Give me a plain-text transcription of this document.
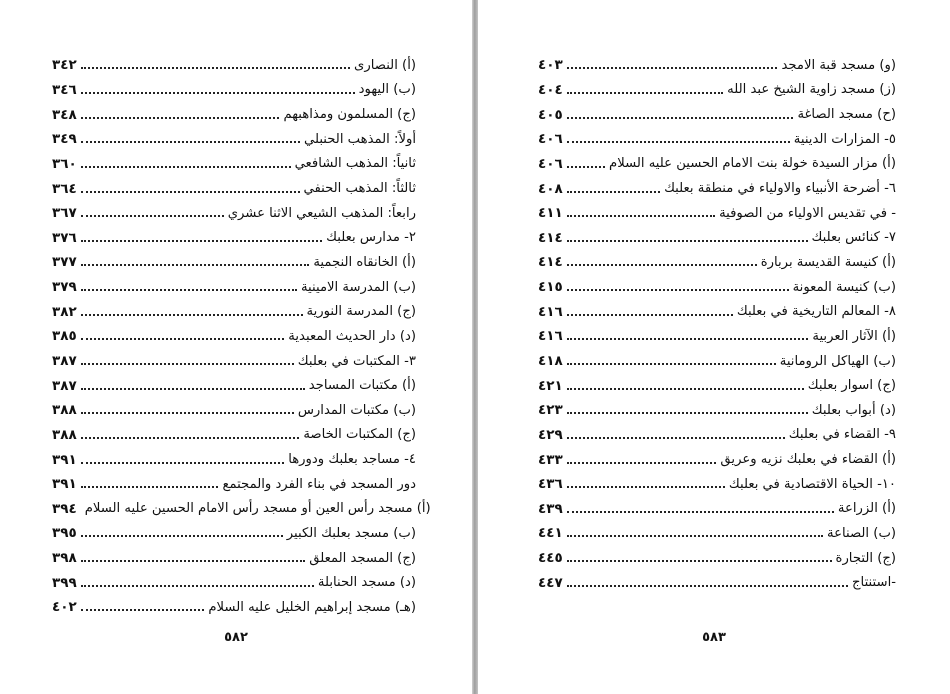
٣٤٢	(أ) النصارى
٣٤٦	(ب) اليهود
٣٤٨	(ج) المسلمون ومذاهبهم
٣٤٩	أولاً: المذهب الحنبلي
٣٦٠	ثانياً: المذهب الشافعي
٣٦٤	ثالثاً: المذهب الحنفي
٣٦٧	رابعاً: المذهب الشيعي الاثنا عشري
٣٧٦	٢- مدارس بعلبك
٣٧٧	(أ) الخانقاه النجمية
٣٧٩	(ب) المدرسة الامينية
٣٨٢	(ج) المدرسة النورية
٣٨٥	(د) دار الحديث المعبدية
٣٨٧	٣- المكتبات في بعلبك
٣٨٧	(أ) مكتبات المساجد
٣٨٨	(ب) مكتبات المدارس
٣٨٨	(ج) المكتبات الخاصة
٣٩١	٤- مساجد بعلبك ودورها
٣٩١	دور المسجد في بناء الفرد والمجتمع
٣٩٤ (أ) مسجد رأس العين أو مسجد رأس الامام الحسين عليه السلام
٣٩٥	(ب) مسجد بعلبك الكبير
٣٩٨	(ج) المسجد المعلق
٣٩٩	(د) مسجد الحنابلة
٤٠٢	(هـ) مسجد إبراهيم الخليل عليه السلام
٥٨٢
٤٠٣	(و) مسجد قبة الامجد
٤٠٤	(ز) مسجد زاوية الشيخ عبد الله
٤٠٥	(ح) مسجد الصاغة
٤٠٦	٥- المزارات الدينية
٤٠٦	(أ) مزار السيدة خولة بنت الامام الحسين عليه السلام
٤٠٨	٦- أضرحة الأنبياء والاولياء في منطقة بعلبك
٤١١	- في تقديس الاولياء من الصوفية
٤١٤	٧- كنائس بعلبك
٤١٤	(أ) كنيسة القديسة بربارة
٤١٥	(ب) كنيسة المعونة
٤١٦	٨- المعالم التاريخية في بعلبك
٤١٦	(أ) الآثار العربية
٤١٨	(ب) الهياكل الرومانية
٤٢١	(ج) اسوار بعلبك
٤٢٣	(د) أبواب بعلبك
٤٢٩	٩- القضاء في بعلبك
٤٣٣	(أ) القضاء في بعلبك نزيه وعريق
٤٣٦	١٠- الحياة الاقتصادية في بعلبك
٤٣٩	(أ) الزراعة
٤٤١	(ب) الصناعة
٤٤٥	(ج) التجارة
٤٤٧	-استنتاج
٥٨٣
